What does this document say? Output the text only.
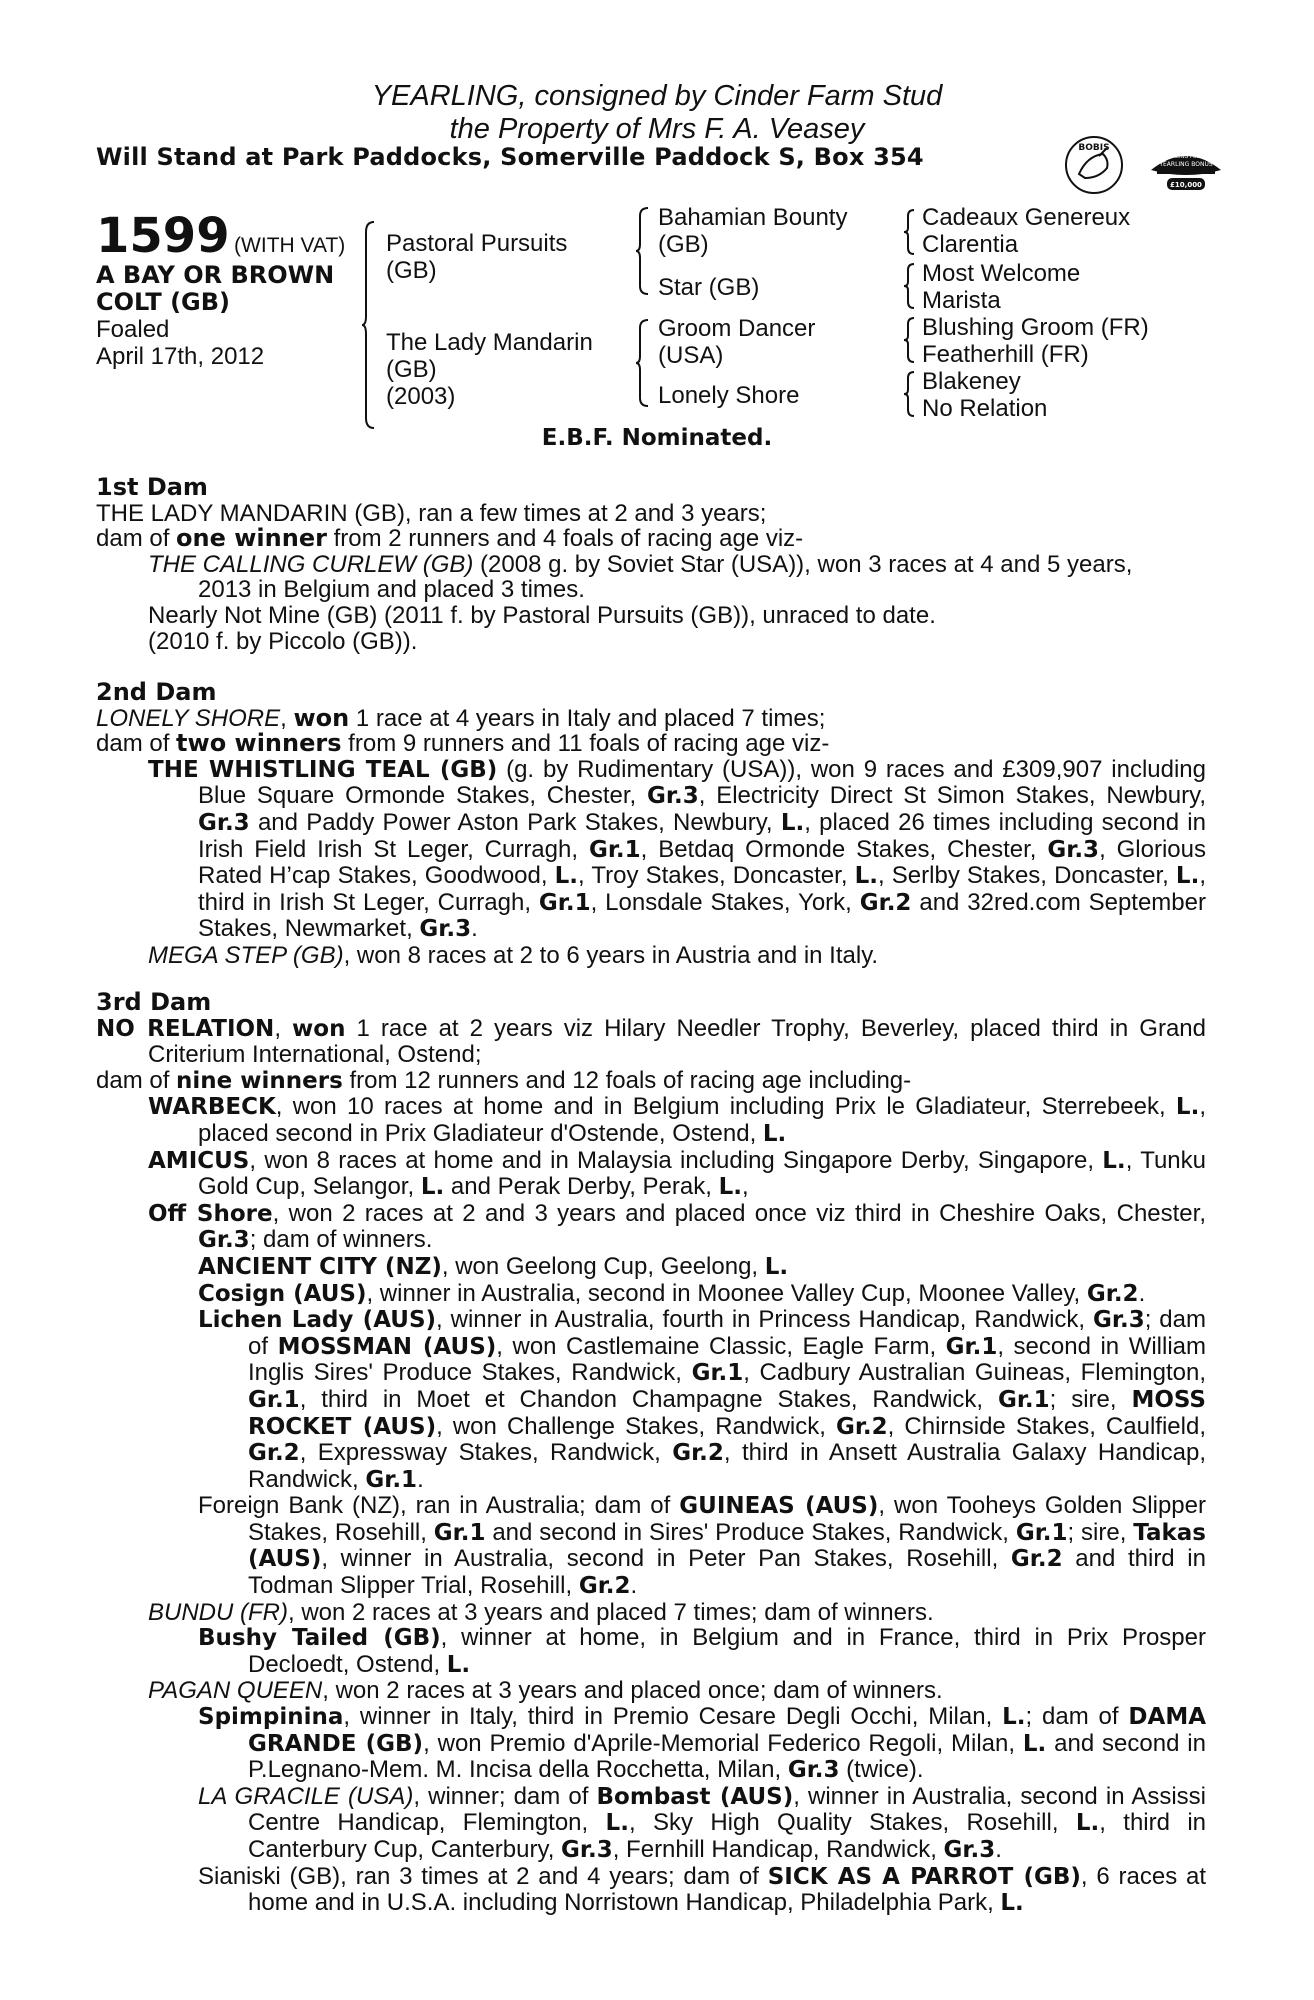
YEARLING, consigned by Cinder Farm Stud
the Property of Mrs F. A. Veasey
Will Stand at Park Paddocks, Somerville Paddock S, Box 354	BOBIS
RACING POST
YEARLING BONUS
£10,000
1599 (WITH VAT)
A BAY OR BROWN
COLT (GB)
Foaled
April 17th, 2012
Pastoral Pursuits
(GB)
The Lady Mandarin
(GB)
(2003)
Bahamian Bounty
(GB)
Star (GB)
Groom Dancer
(USA)
Lonely Shore
Cadeaux Genereux
Clarentia
Most Welcome
Marista
Blushing Groom (FR)
Featherhill (FR)
Blakeney
No Relation
E.B.F. Nominated.
1st Dam
THE LADY MANDARIN (GB), ran a few times at 2 and 3 years;
dam of one winner from 2 runners and 4 foals of racing age viz-
THE CALLING CURLEW (GB) (2008 g. by Soviet Star (USA)), won 3 races at 4 and 5 years,
2013 in Belgium and placed 3 times.
Nearly Not Mine (GB) (2011 f. by Pastoral Pursuits (GB)), unraced to date.
(2010 f. by Piccolo (GB)).
2nd Dam
LONELY SHORE, won 1 race at 4 years in Italy and placed 7 times;
dam of two winners from 9 runners and 11 foals of racing age viz-
THE WHISTLING TEAL (GB) (g. by Rudimentary (USA)), won 9 races and £309,907 including Blue Square Ormonde Stakes, Chester, Gr.3, Electricity Direct St Simon Stakes, Newbury, Gr.3 and Paddy Power Aston Park Stakes, Newbury, L., placed 26 times including second in Irish Field Irish St Leger, Curragh, Gr.1, Betdaq Ormonde Stakes, Chester, Gr.3, Glorious Rated H’cap Stakes, Goodwood, L., Troy Stakes, Doncaster, L., Serlby Stakes, Doncaster, L., third in Irish St Leger, Curragh, Gr.1, Lonsdale Stakes, York, Gr.2 and 32red.com September Stakes, Newmarket, Gr.3.
MEGA STEP (GB), won 8 races at 2 to 6 years in Austria and in Italy.
3rd Dam
NO RELATION, won 1 race at 2 years viz Hilary Needler Trophy, Beverley, placed third in Grand Criterium International, Ostend;
dam of nine winners from 12 runners and 12 foals of racing age including-
WARBECK, won 10 races at home and in Belgium including Prix le Gladiateur, Sterrebeek, L., placed second in Prix Gladiateur d'Ostende, Ostend, L.
AMICUS, won 8 races at home and in Malaysia including Singapore Derby, Singapore, L., Tunku Gold Cup, Selangor, L. and Perak Derby, Perak, L.,
Off Shore, won 2 races at 2 and 3 years and placed once viz third in Cheshire Oaks, Chester, Gr.3; dam of winners.
ANCIENT CITY (NZ), won Geelong Cup, Geelong, L.
Cosign (AUS), winner in Australia, second in Moonee Valley Cup, Moonee Valley, Gr.2.
Lichen Lady (AUS), winner in Australia, fourth in Princess Handicap, Randwick, Gr.3; dam of MOSSMAN (AUS), won Castlemaine Classic, Eagle Farm, Gr.1, second in William Inglis Sires' Produce Stakes, Randwick, Gr.1, Cadbury Australian Guineas, Flemington, Gr.1, third in Moet et Chandon Champagne Stakes, Randwick, Gr.1; sire, MOSS ROCKET (AUS), won Challenge Stakes, Randwick, Gr.2, Chirnside Stakes, Caulfield, Gr.2, Expressway Stakes, Randwick, Gr.2, third in Ansett Australia Galaxy Handicap, Randwick, Gr.1.
Foreign Bank (NZ), ran in Australia; dam of GUINEAS (AUS), won Tooheys Golden Slipper Stakes, Rosehill, Gr.1 and second in Sires' Produce Stakes, Randwick, Gr.1; sire, Takas (AUS), winner in Australia, second in Peter Pan Stakes, Rosehill, Gr.2 and third in Todman Slipper Trial, Rosehill, Gr.2.
BUNDU (FR), won 2 races at 3 years and placed 7 times; dam of winners.
Bushy Tailed (GB), winner at home, in Belgium and in France, third in Prix Prosper Decloedt, Ostend, L.
PAGAN QUEEN, won 2 races at 3 years and placed once; dam of winners.
Spimpinina, winner in Italy, third in Premio Cesare Degli Occhi, Milan, L.; dam of DAMA GRANDE (GB), won Premio d'Aprile-Memorial Federico Regoli, Milan, L. and second in P.Legnano-Mem. M. Incisa della Rocchetta, Milan, Gr.3 (twice).
LA GRACILE (USA), winner; dam of Bombast (AUS), winner in Australia, second in Assissi Centre Handicap, Flemington, L., Sky High Quality Stakes, Rosehill, L., third in Canterbury Cup, Canterbury, Gr.3, Fernhill Handicap, Randwick, Gr.3.
Sianiski (GB), ran 3 times at 2 and 4 years; dam of SICK AS A PARROT (GB), 6 races at home and in U.S.A. including Norristown Handicap, Philadelphia Park, L.
